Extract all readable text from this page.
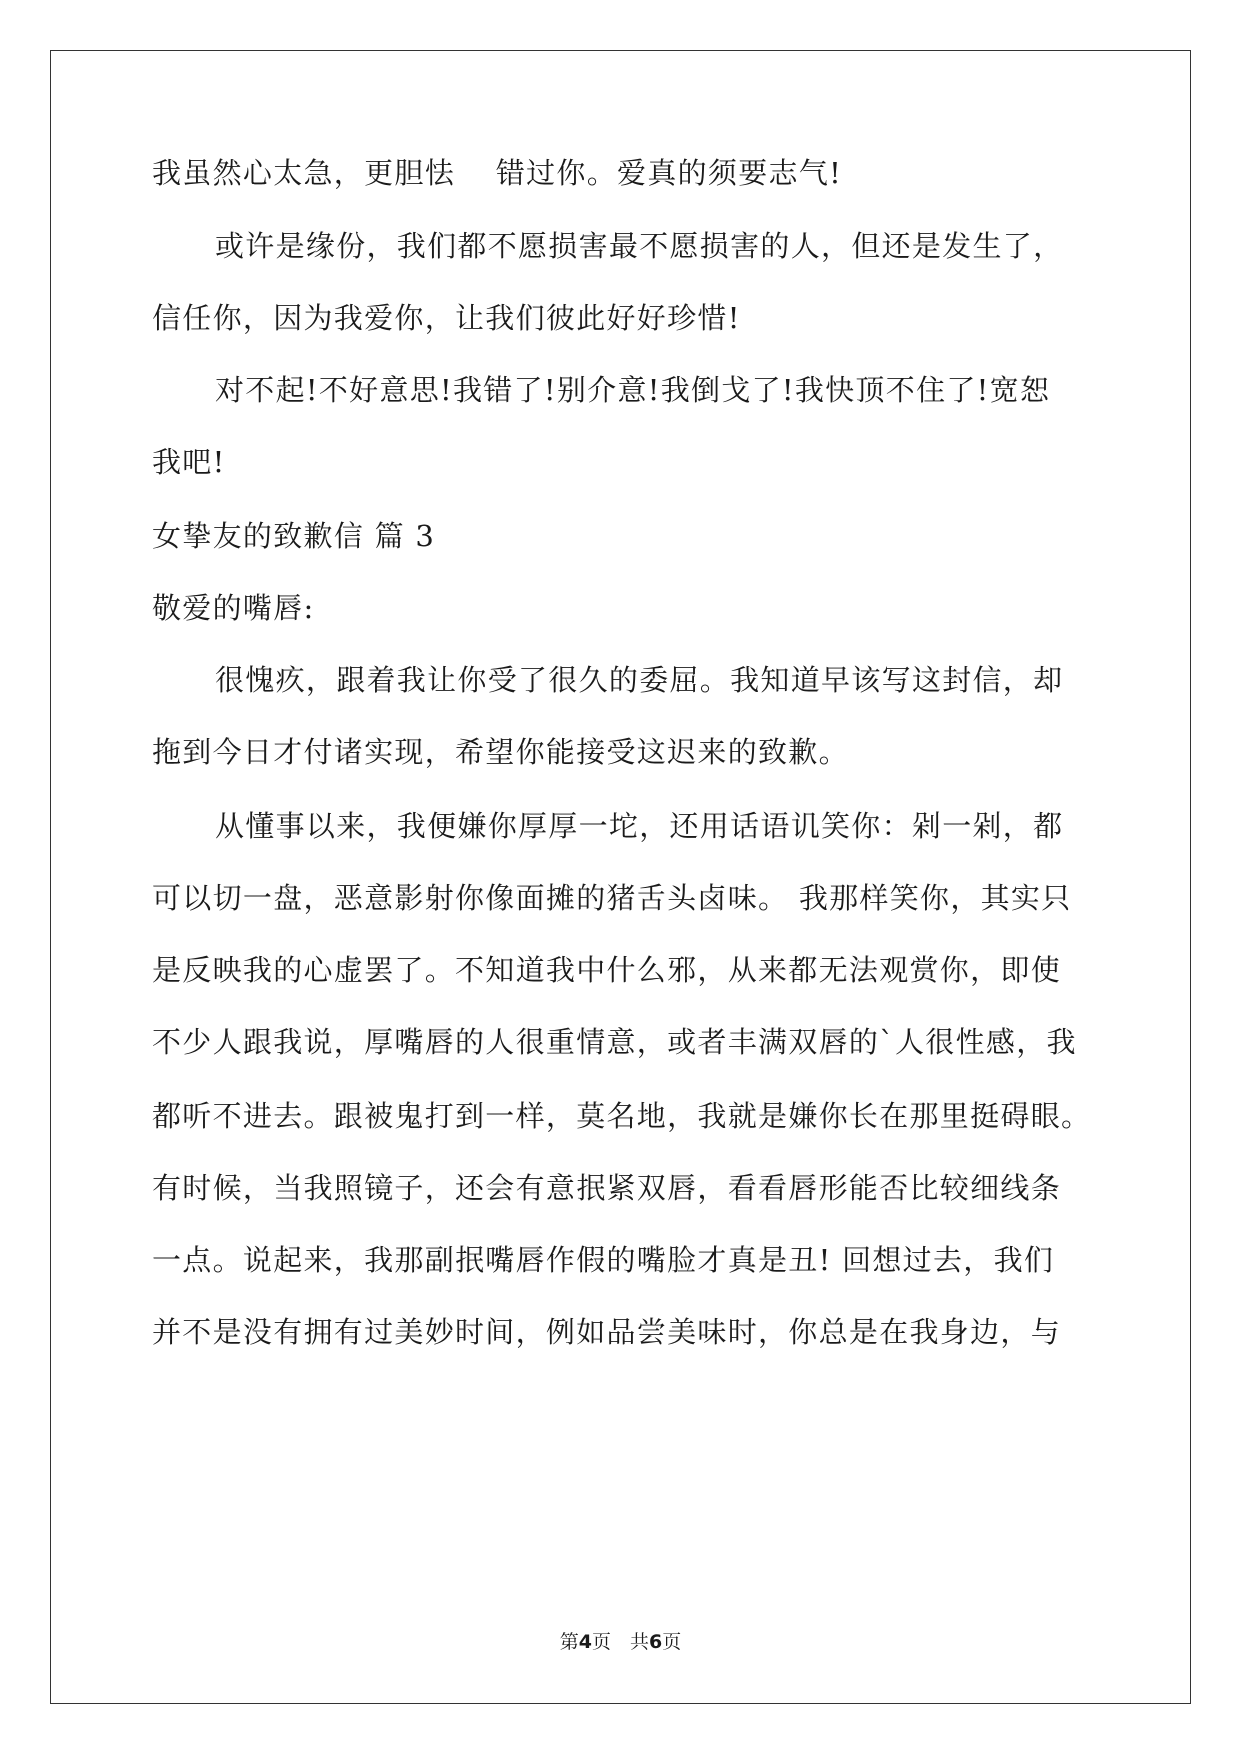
我虽然心太急，更胆怯　 错过你。爱真的须要志气!
或许是缘份，我们都不愿损害最不愿损害的人，但还是发生了，
信任你，因为我爱你，让我们彼此好好珍惜!
对不起!不好意思!我错了!别介意!我倒戈了!我快顶不住了!宽恕
我吧!
女挚友的致歉信 篇 3
敬爱的嘴唇:
很愧疚，跟着我让你受了很久的委屈。我知道早该写这封信，却
拖到今日才付诸实现，希望你能接受这迟来的致歉。
从懂事以来，我便嫌你厚厚一坨，还用话语讥笑你：剁一剁，都
可以切一盘，恶意影射你像面摊的猪舌头卤味。 我那样笑你，其实只
是反映我的心虚罢了。不知道我中什么邪，从来都无法观赏你，即使
不少人跟我说，厚嘴唇的人很重情意，或者丰满双唇的`人很性感，我
都听不进去。跟被鬼打到一样，莫名地，我就是嫌你长在那里挺碍眼。
有时候，当我照镜子，还会有意抿紧双唇，看看唇形能否比较细线条
一点。说起来，我那副抿嘴唇作假的嘴脸才真是丑! 回想过去，我们
并不是没有拥有过美妙时间，例如品尝美味时，你总是在我身边，与
第4页　共6页
